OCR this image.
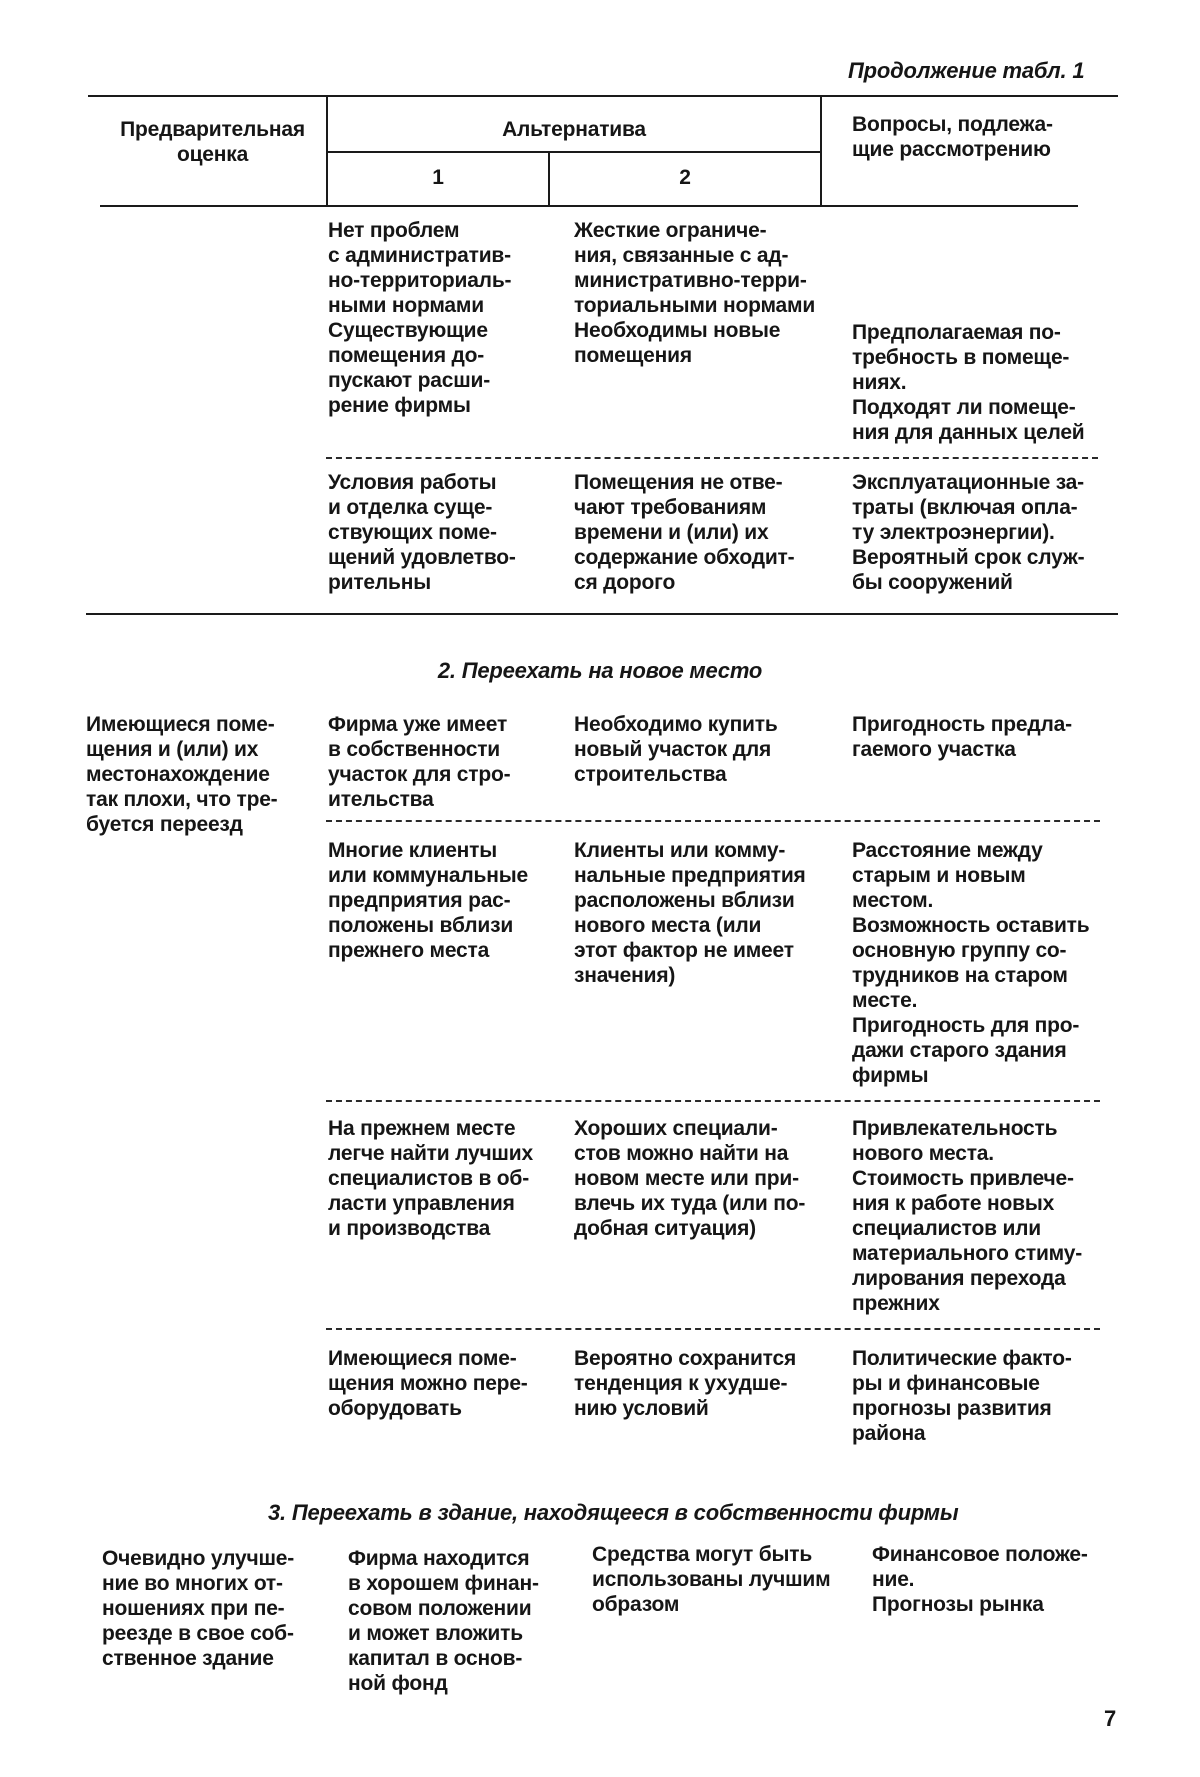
Продолжение табл. 1
Предварительная
оценка
Альтернатива
1	2
Вопросы, подлежа-
щие рассмотрению
Нет проблем
с административ-
но-территориаль-
ными нормами
Существующие
помещения до-
пускают расши-
рение фирмы
Жесткие ограниче-
ния, связанные с ад-
министративно-терри-
ториальными нормами
Необходимы новые
помещения
Предполагаемая по-
требность в помеще-
ниях.
Подходят ли помеще-
ния для данных целей
Условия работы
и отделка суще-
ствующих поме-
щений удовлетво-
рительны
Помещения не отве-
чают требованиям
времени и (или) их
содержание обходит-
ся дорого
Эксплуатационные за-
траты (включая опла-
ту электроэнергии).
Вероятный срок служ-
бы сооружений
2. Переехать на новое место
Имеющиеся поме-
щения и (или) их
местонахождение
так плохи, что тре-
буется переезд
Фирма уже имеет
в собственности
участок для стро-
ительства
Необходимо купить
новый участок для
строительства
Пригодность предла-
гаемого участка
Многие клиенты
или коммунальные
предприятия рас-
положены вблизи
прежнего места
Клиенты или комму-
нальные предприятия
расположены вблизи
нового места (или
этот фактор не имеет
значения)
Расстояние между
старым и новым
местом.
Возможность оставить
основную группу со-
трудников на старом
месте.
Пригодность для про-
дажи старого здания
фирмы
На прежнем месте
легче найти лучших
специалистов в об-
ласти управления
и производства
Хороших специали-
стов можно найти на
новом месте или при-
влечь их туда (или по-
добная ситуация)
Привлекательность
нового места.
Стоимость привлече-
ния к работе новых
специалистов или
материального стиму-
лирования перехода
прежних
Имеющиеся поме-
щения можно пере-
оборудовать
Вероятно сохранится
тенденция к ухудше-
нию условий
Политические факто-
ры и финансовые
прогнозы развития
района
3. Переехать в здание, находящееся в собственности фирмы
Очевидно улучше-
ние во многих от-
ношениях при пе-
реезде в свое соб-
ственное здание
Фирма находится
в хорошем финан-
совом положении
и может вложить
капитал в основ-
ной фонд
Средства могут быть
использованы лучшим
образом
Финансовое положе-
ние.
Прогнозы рынка
7
